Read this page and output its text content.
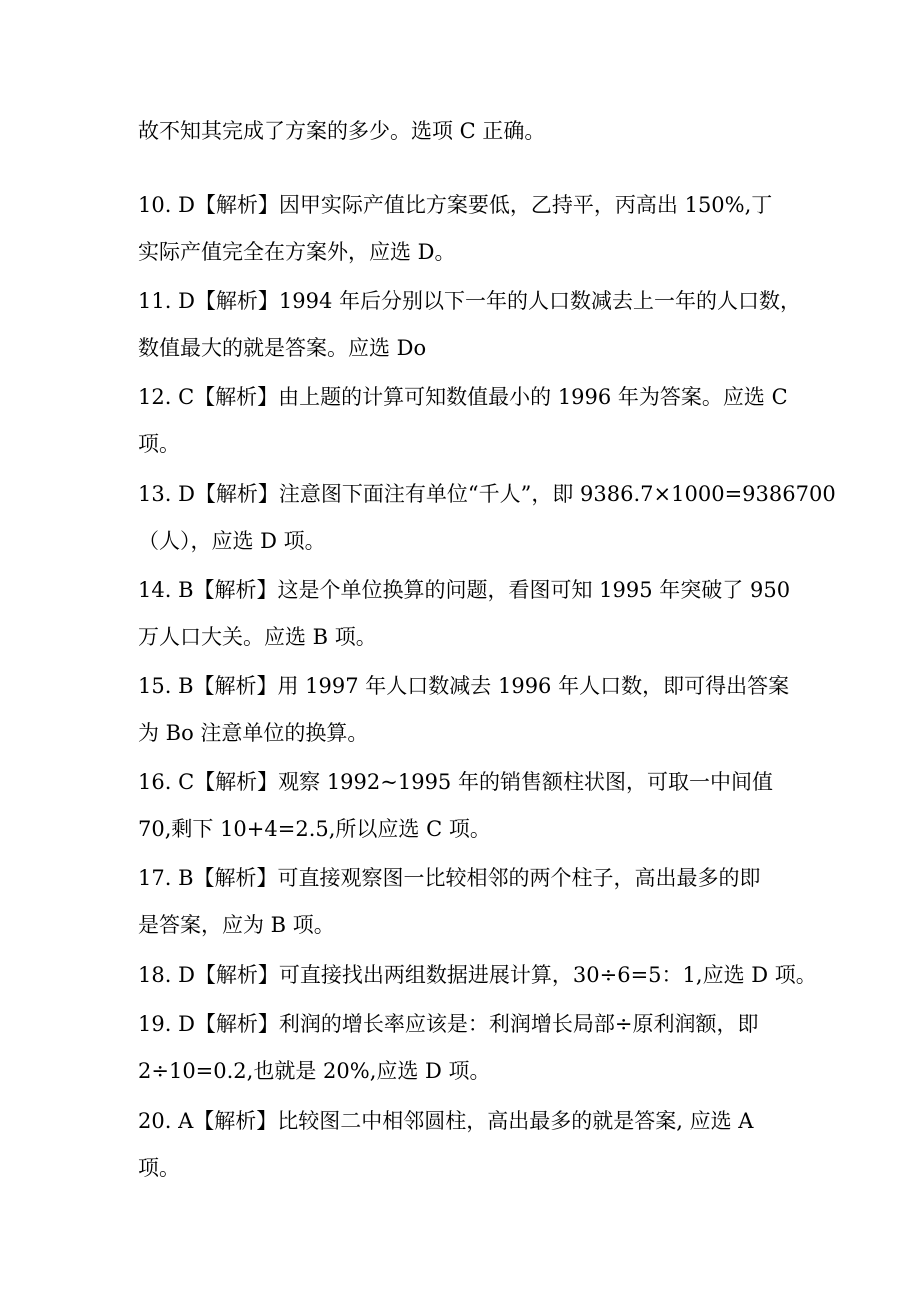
故不知其完成了方案的多少。选项 C 正确。
10. D【解析】因甲实际产值比方案要低，乙持平，丙高出 150%,丁
实际产值完全在方案外，应选 D。
11. D【解析】1994 年后分别以下一年的人口数减去上一年的人口数，
数值最大的就是答案。应选 Do
12. C【解析】由上题的计算可知数值最小的 1996 年为答案。应选 C
项。
13. D【解析】注意图下面注有单位“千人”，即 9386.7×1000=9386700
（人），应选 D 项。
14. B【解析】这是个单位换算的问题，看图可知 1995 年突破了 950
万人口大关。应选 B 项。
15. B【解析】用 1997 年人口数减去 1996 年人口数，即可得出答案
为 Bo 注意单位的换算。
16. C【解析】观察 1992~1995 年的销售额柱状图，可取一中间值
70,剩下 10+4=2.5,所以应选 C 项。
17. B【解析】可直接观察图一比较相邻的两个柱子，高出最多的即
是答案，应为 B 项。
18. D【解析】可直接找出两组数据进展计算，30÷6=5：1,应选 D 项。
19. D【解析】利润的增长率应该是：利润增长局部÷原利润额，即
2÷10=0.2,也就是 20%,应选 D 项。
20. A【解析】比较图二中相邻圆柱，高出最多的就是答案, 应选 A
项。
